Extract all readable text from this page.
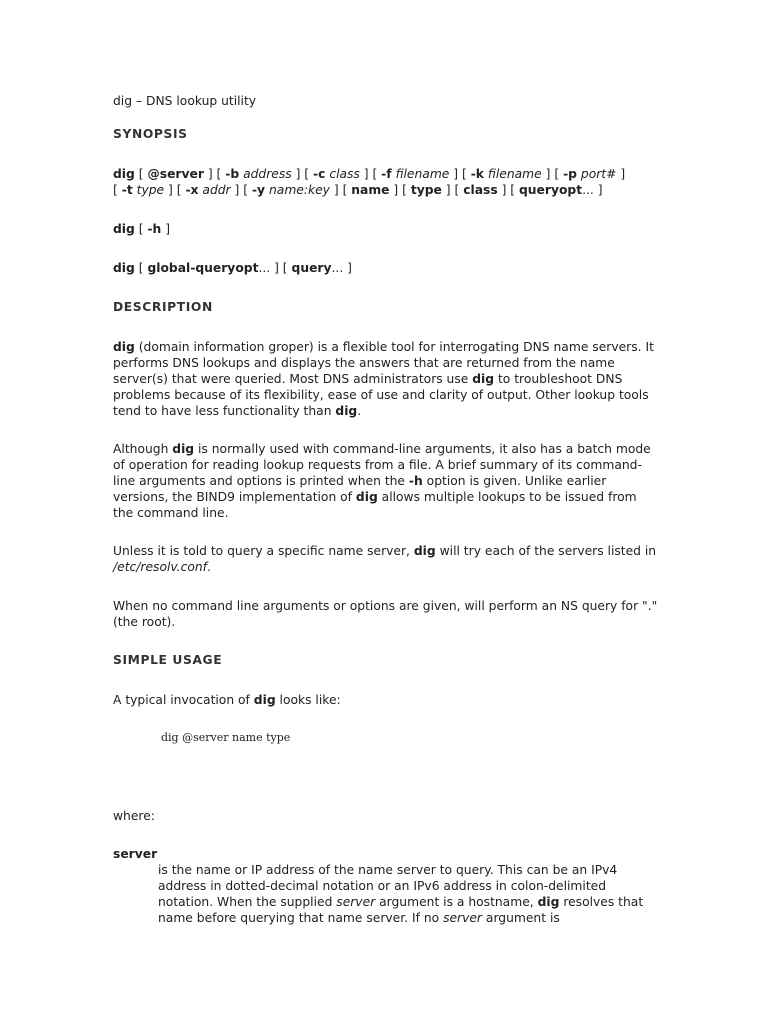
dig – DNS lookup utility

SYNOPSIS

dig [ @server ] [ -b address ] [ -c class ] [ -f filename ] [ -k filename ] [ -p port# ]

[ -t type ] [ -x addr ] [ -y name:key ] [ name ] [ type ] [ class ] [ queryopt... ]

dig [ -h ]

dig [ global-queryopt... ] [ query... ]

DESCRIPTION

dig (domain information groper) is a flexible tool for interrogating DNS name servers. It performs DNS lookups and displays the answers that are returned from the name server(s) that were queried. Most DNS administrators use dig to troubleshoot DNS problems because of its flexibility, ease of use and clarity of output. Other lookup tools tend to have less functionality than dig.

Although dig is normally used with command-line arguments, it also has a batch mode of operation for reading lookup requests from a file. A brief summary of its command-line arguments and options is printed when the -h option is given. Unlike earlier versions, the BIND9 implementation of dig allows multiple lookups to be issued from the command line.

Unless it is told to query a specific name server, dig will try each of the servers listed in /etc/resolv.conf.

When no command line arguments or options are given, will perform an NS query for "." (the root).

SIMPLE USAGE

A typical invocation of dig looks like:

dig @server name type

where:

server

is the name or IP address of the name server to query. This can be an IPv4 address in dotted-decimal notation or an IPv6 address in colon-delimited notation. When the supplied server argument is a hostname, dig resolves that name before querying that name server. If no server argument is
